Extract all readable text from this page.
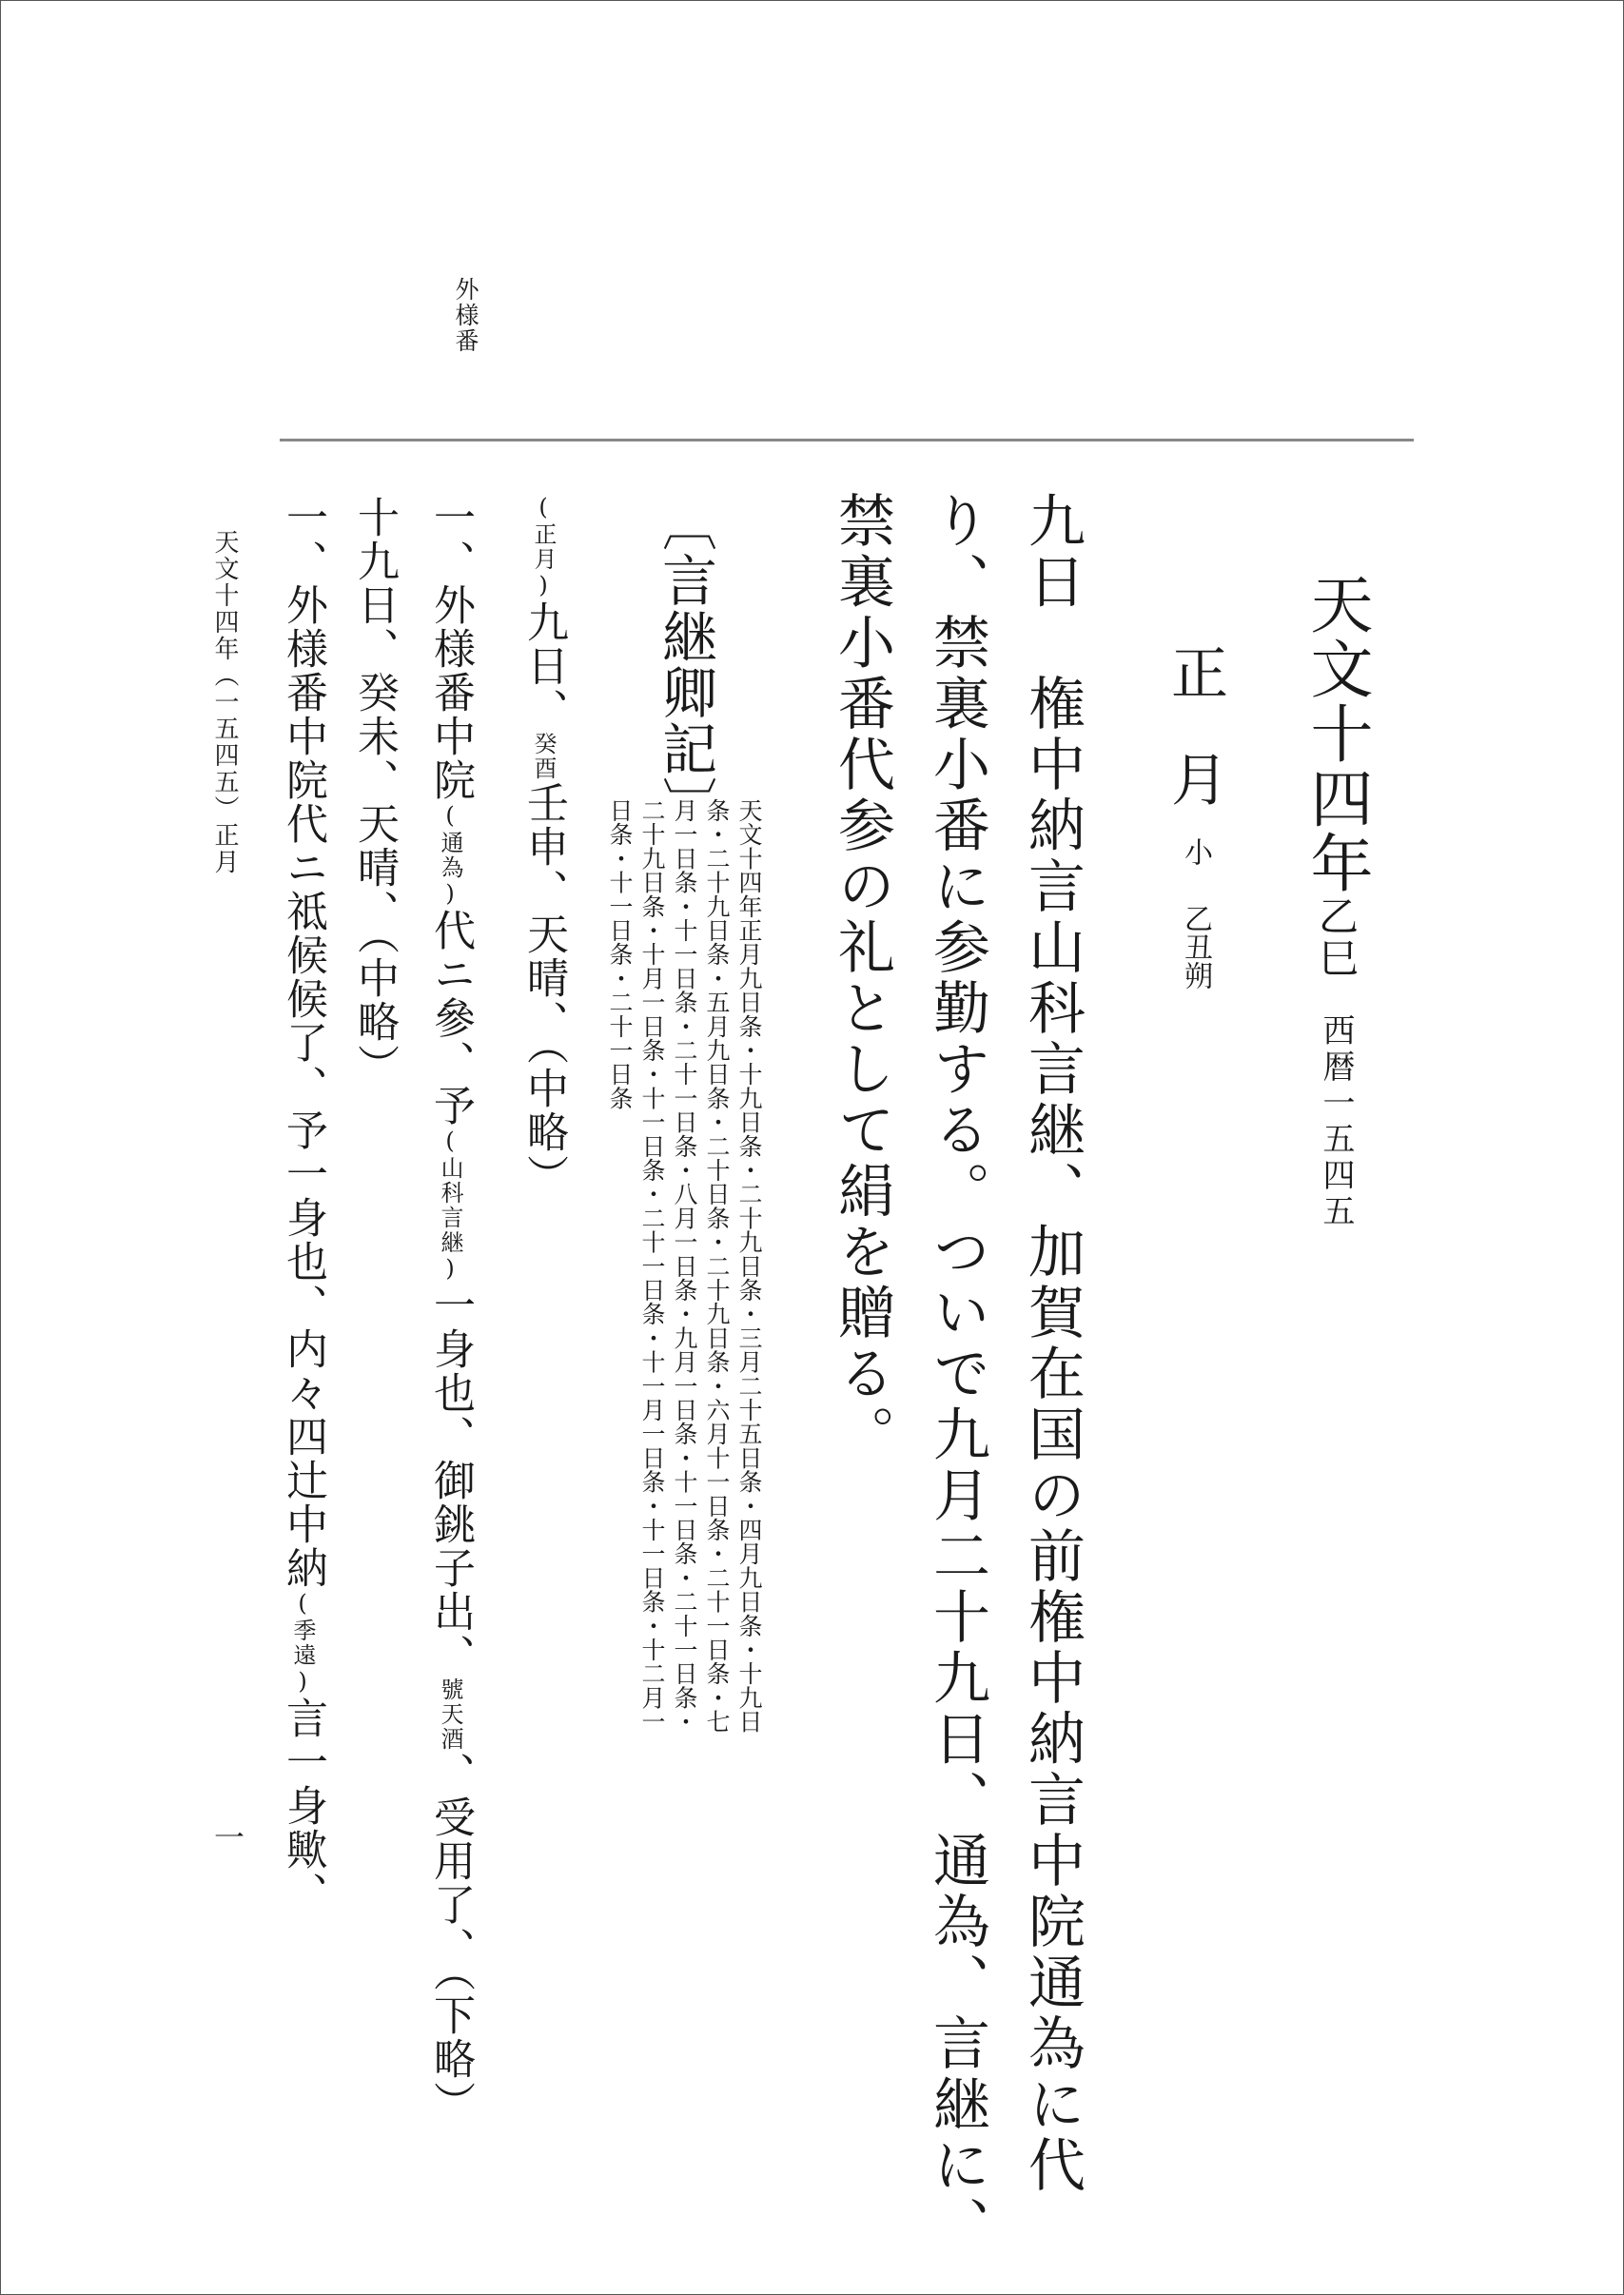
外様番
天文十四年乙巳西暦一五四五
正月小乙丑朔
九日　権中納言山科言継、加賀在国の前権中納言中院通為に代
り、禁裏小番に参勤する。ついで九月二十九日、通為、言継に、
禁裏小番代参の礼として絹を贈る。
〔言継卿記〕
天文十四年正月九日条・十九日条・二十九日条・三月二十五日条・四月九日条・十九日
条・二十九日条・五月九日条・二十日条・二十九日条・六月十一日条・二十一日条・七
月一日条・十一日条・二十一日条・八月一日条・九月一日条・十一日条・二十一日条・
二十九日条・十月一日条・十一日条・二十一日条・十一月一日条・十一日条・十二月一
日条・十一日条・二十一日条
(正月)九日、癸酉壬申、天晴、（中略）
一、外様番中院(通為)代ニ參、予(山科言継)一身也、御銚子出、號天酒、受用了、（下略）
十九日、癸未、天晴、（中略）
一、外様番中院代ニ祗候候了、予一身也、内々四辻中納(季遠)言一身歟、
天文十四年（一五四五）正月
一
